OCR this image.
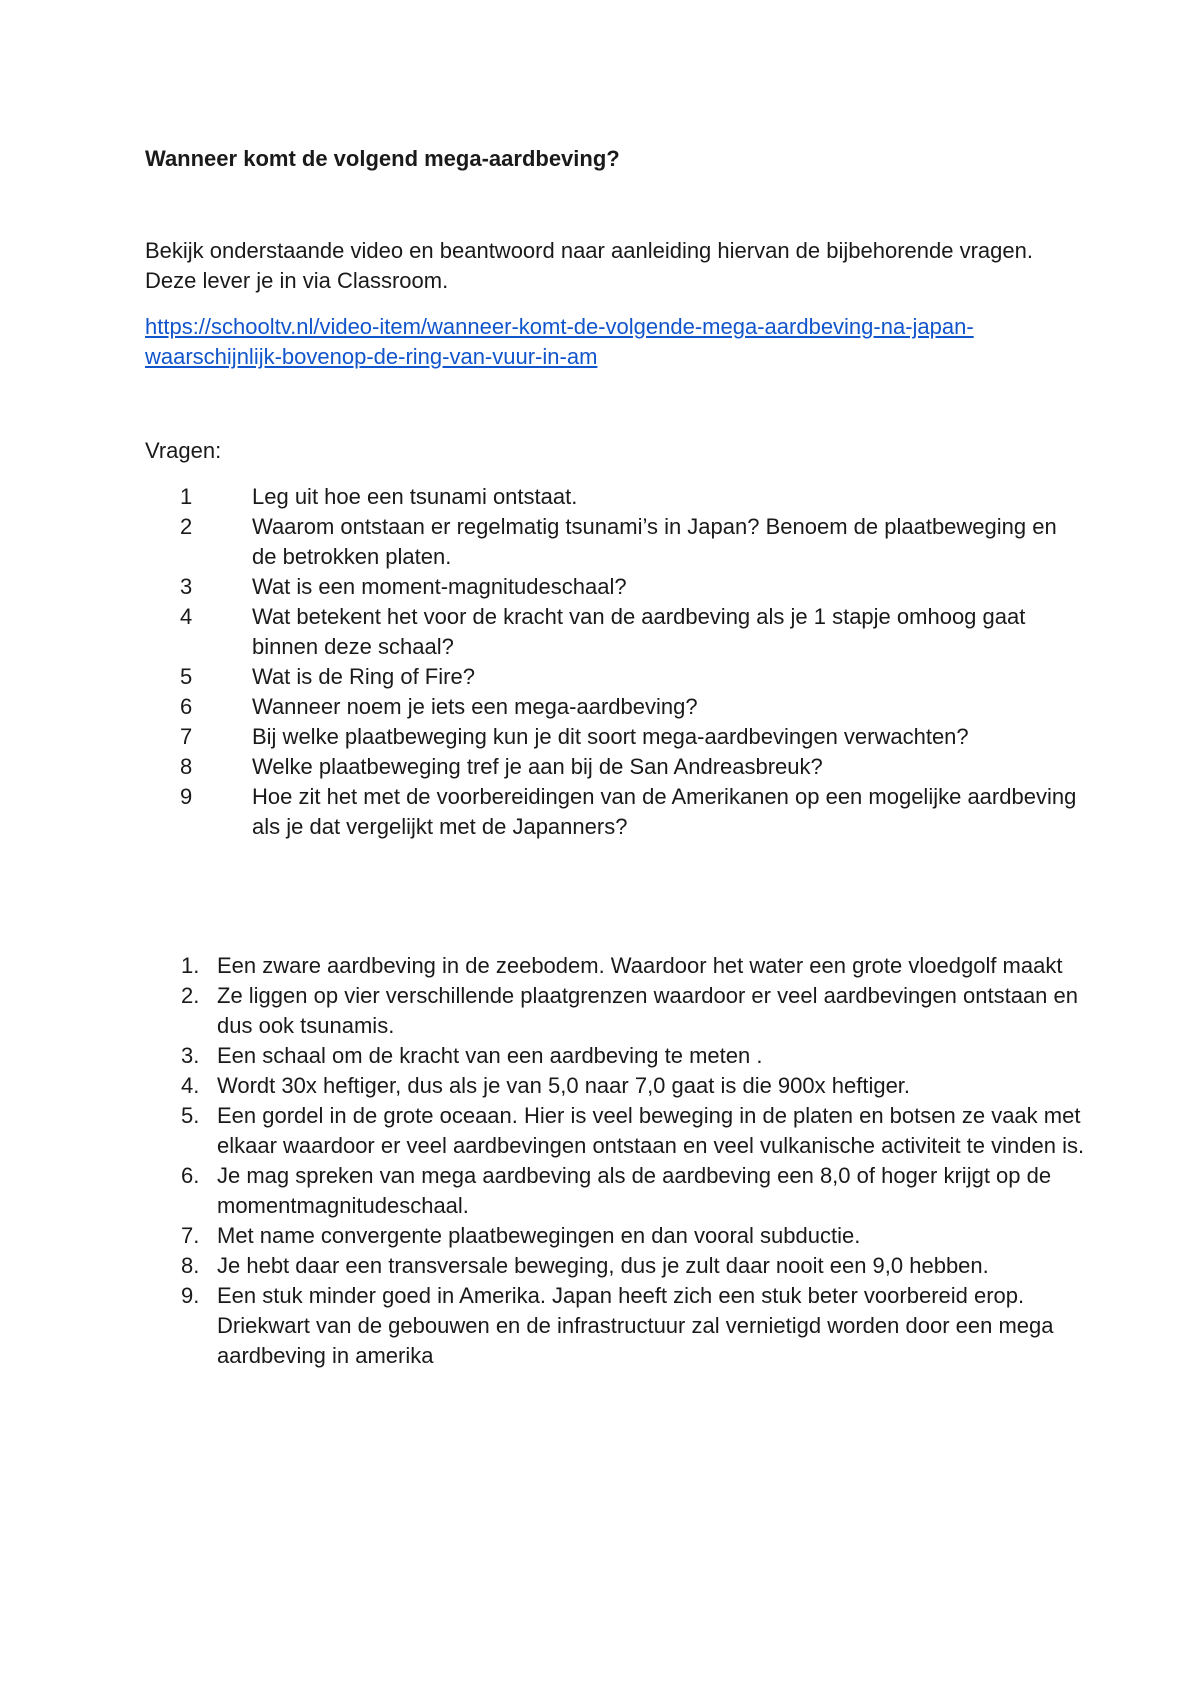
Wanneer komt de volgend mega-aardbeving?
Bekijk onderstaande video en beantwoord naar aanleiding hiervan de bijbehorende vragen. Deze lever je in via Classroom.
https://schooltv.nl/video-item/wanneer-komt-de-volgende-mega-aardbeving-na-japan-
waarschijnlijk-bovenop-de-ring-van-vuur-in-am
Vragen:
1	Leg uit hoe een tsunami ontstaat.
2	Waarom ontstaan er regelmatig tsunami’s in Japan? Benoem de plaatbeweging en de betrokken platen.
3	Wat is een moment-magnitudeschaal?
4	Wat betekent het voor de kracht van de aardbeving als je 1 stapje omhoog gaat binnen deze schaal?
5	Wat is de Ring of Fire?
6	Wanneer noem je iets een mega-aardbeving?
7	Bij welke plaatbeweging kun je dit soort mega-aardbevingen verwachten?
8	Welke plaatbeweging tref je aan bij de San Andreasbreuk?
9	Hoe zit het met de voorbereidingen van de Amerikanen op een mogelijke aardbeving als je dat vergelijkt met de Japanners?
1. Een zware aardbeving in de zeebodem. Waardoor het water een grote vloedgolf maakt
2. Ze liggen op vier verschillende plaatgrenzen waardoor er veel aardbevingen ontstaan en dus ook tsunamis.
3. Een schaal om de kracht van een aardbeving te meten .
4. Wordt 30x heftiger, dus als je van 5,0 naar 7,0 gaat is die 900x heftiger.
5. Een gordel in de grote oceaan. Hier is veel beweging in de platen en botsen ze vaak met elkaar waardoor er veel aardbevingen ontstaan en veel vulkanische activiteit te vinden is.
6. Je mag spreken van mega aardbeving als de aardbeving een 8,0 of hoger krijgt op de momentmagnitudeschaal.
7. Met name convergente plaatbewegingen en dan vooral subductie.
8. Je hebt daar een transversale beweging, dus je zult daar nooit een 9,0 hebben.
9. Een stuk minder goed in Amerika. Japan heeft zich een stuk beter voorbereid erop. Driekwart van de gebouwen en de infrastructuur zal vernietigd worden door een mega aardbeving in amerika
